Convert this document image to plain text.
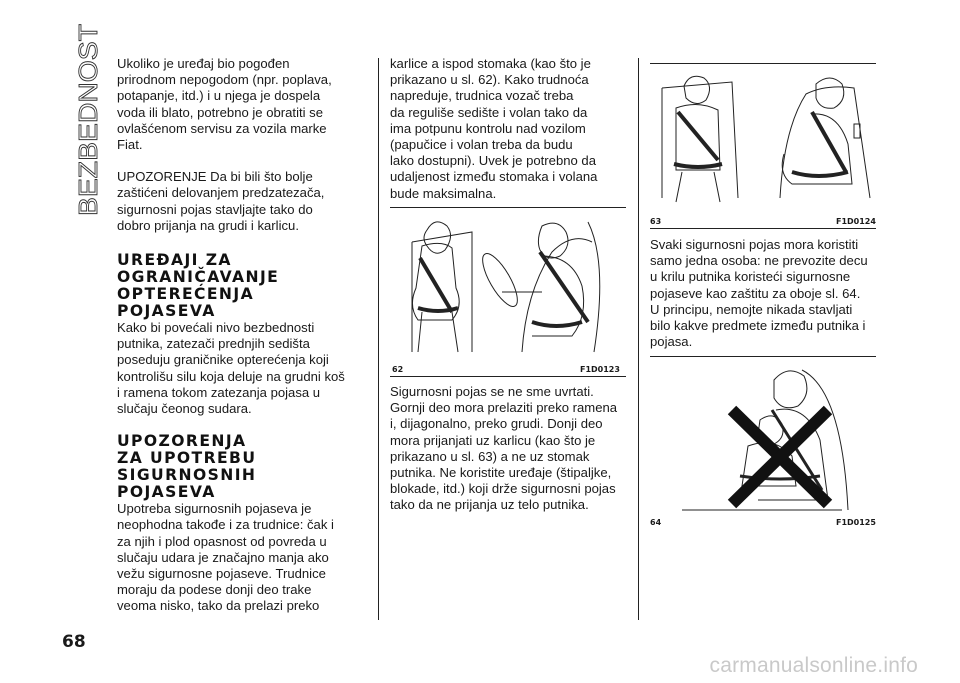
BEZBEDNOST Ukoliko je uređaj bio pogođen

prirodnom nepogodom (npr. poplava,

potapanje, itd.) i u njega je dospela

voda ili blato, potrebno je obratiti se

ovlašćenom servisu za vozila marke

Fiat.

UPOZORENJE Da bi bili što bolje

zaštićeni delovanjem predzatezača,

sigurnosni pojas stavljajte tako do

dobro prijanja na grudi i karlicu.

UREĐAJI ZA

OGRANIČAVANJE

OPTEREĆENJA

POJASEVA

Kako bi povećali nivo bezbednosti

putnika, zatezači prednjih sedišta

poseduju graničnike opterećenja koji

kontrolišu silu koja deluje na grudni koš

i ramena tokom zatezanja pojasa u

slučaju čeonog sudara.

UPOZORENJA

ZA UPOTREBU

SIGURNOSNIH

POJASEVA

Upotreba sigurnosnih pojaseva je

neophodna takođe i za trudnice: čak i

za njih i plod opasnost od povreda u

slučaju udara je značajno manja ako

vežu sigurnosne pojaseve. Trudnice

moraju da podese donji deo trake

veoma nisko, tako da prelazi preko

karlice a ispod stomaka (kao što je

prikazano u sl. 62). Kako trudnoća

napreduje, trudnica vozač treba

da reguliše sedište i volan tako da

ima potpunu kontrolu nad vozilom

(papučice i volan treba da budu

lako dostupni). Uvek je potrebno da

udaljenost između stomaka i volana

bude maksimalna.

62	F1D0123

Sigurnosni pojas se ne sme uvrtati.

Gornji deo mora prelaziti preko ramena

i, dijagonalno, preko grudi. Donji deo

mora prijanjati uz karlicu (kao što je

prikazano u sl. 63) a ne uz stomak

putnika. Ne koristite uređaje (štipaljke,

blokade, itd.) koji drže sigurnosni pojas

tako da ne prijanja uz telo putnika.

63	F1D0124

Svaki sigurnosni pojas mora koristiti

samo jedna osoba: ne prevozite decu

u krilu putnika koristeći sigurnosne

pojaseve kao zaštitu za oboje sl. 64.

U principu, nemojte nikada stavljati

bilo kakve predmete između putnika i

pojasa.

64	F1D0125
68
carmanualsonline.info
